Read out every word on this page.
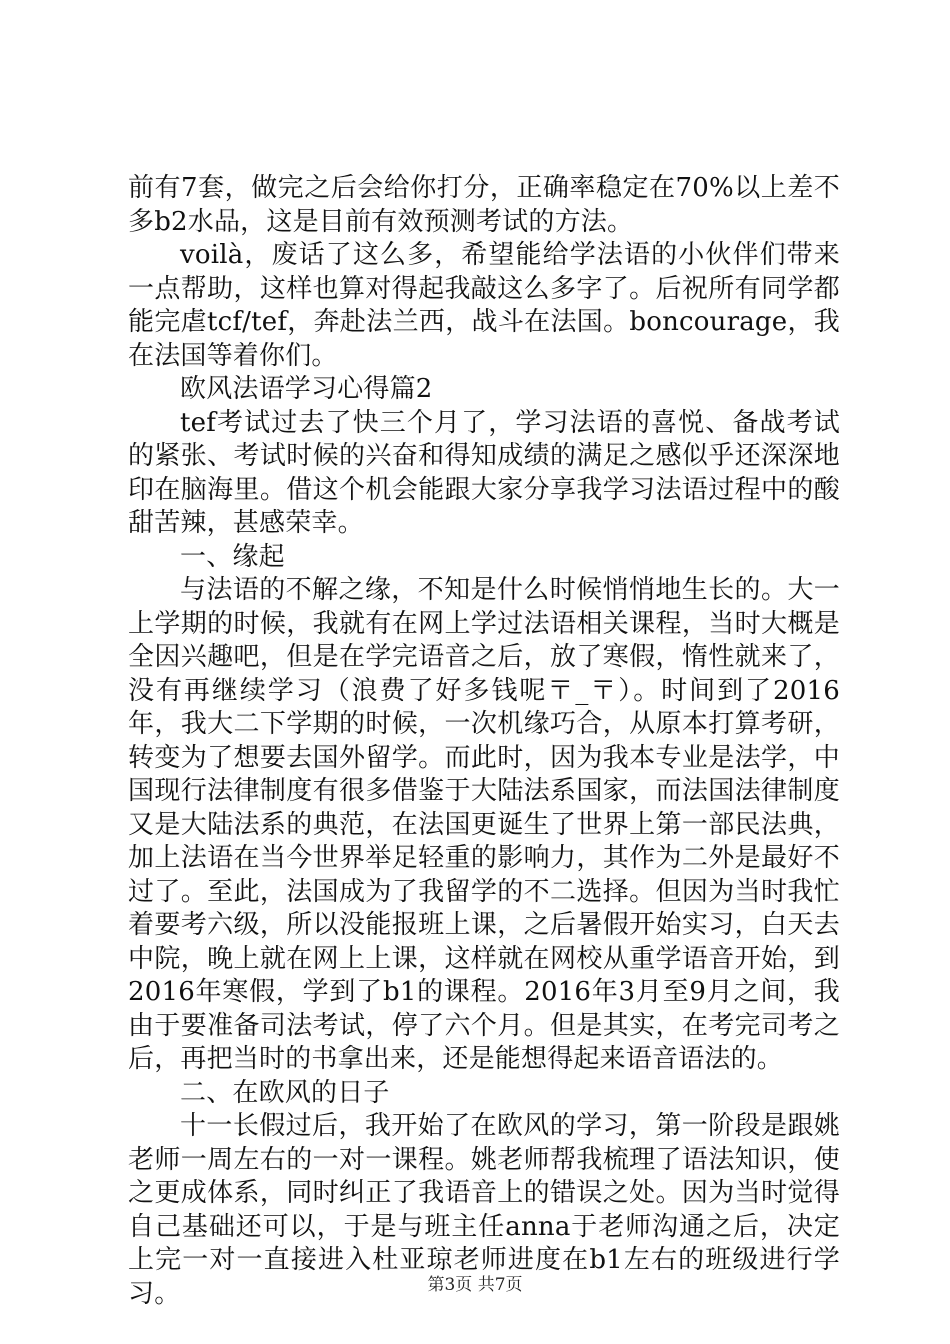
前有7套，做完之后会给你打分，正确率稳定在70%以上差不多b2水品，这是目前有效预测考试的方法。

voilà，废话了这么多，希望能给学法语的小伙伴们带来一点帮助，这样也算对得起我敲这么多字了。后祝所有同学都能完虐tcf/tef，奔赴法兰西，战斗在法国。boncourage，我在法国等着你们。

欧风法语学习心得篇2

tef考试过去了快三个月了，学习法语的喜悦、备战考试的紧张、考试时候的兴奋和得知成绩的满足之感似乎还深深地印在脑海里。借这个机会能跟大家分享我学习法语过程中的酸甜苦辣，甚感荣幸。

一、缘起

与法语的不解之缘，不知是什么时候悄悄地生长的。大一上学期的时候，我就有在网上学过法语相关课程，当时大概是全因兴趣吧，但是在学完语音之后，放了寒假，惰性就来了，没有再继续学习（浪费了好多钱呢〒_〒）。时间到了2016年，我大二下学期的时候，一次机缘巧合，从原本打算考研，转变为了想要去国外留学。而此时，因为我本专业是法学，中国现行法律制度有很多借鉴于大陆法系国家，而法国法律制度又是大陆法系的典范，在法国更诞生了世界上第一部民法典，加上法语在当今世界举足轻重的影响力，其作为二外是最好不过了。至此，法国成为了我留学的不二选择。但因为当时我忙着要考六级，所以没能报班上课，之后暑假开始实习，白天去中院，晚上就在网上上课，这样就在网校从重学语音开始，到2016年寒假，学到了b1的课程。2016年3月至9月之间，我由于要准备司法考试，停了六个月。但是其实，在考完司考之后，再把当时的书拿出来，还是能想得起来语音语法的。

二、在欧风的日子

十一长假过后，我开始了在欧风的学习，第一阶段是跟姚老师一周左右的一对一课程。姚老师帮我梳理了语法知识，使之更成体系，同时纠正了我语音上的错误之处。因为当时觉得自己基础还可以，于是与班主任anna于老师沟通之后，决定上完一对一直接进入杜亚琼老师进度在b1左右的班级进行学习。	第3页 共7页
